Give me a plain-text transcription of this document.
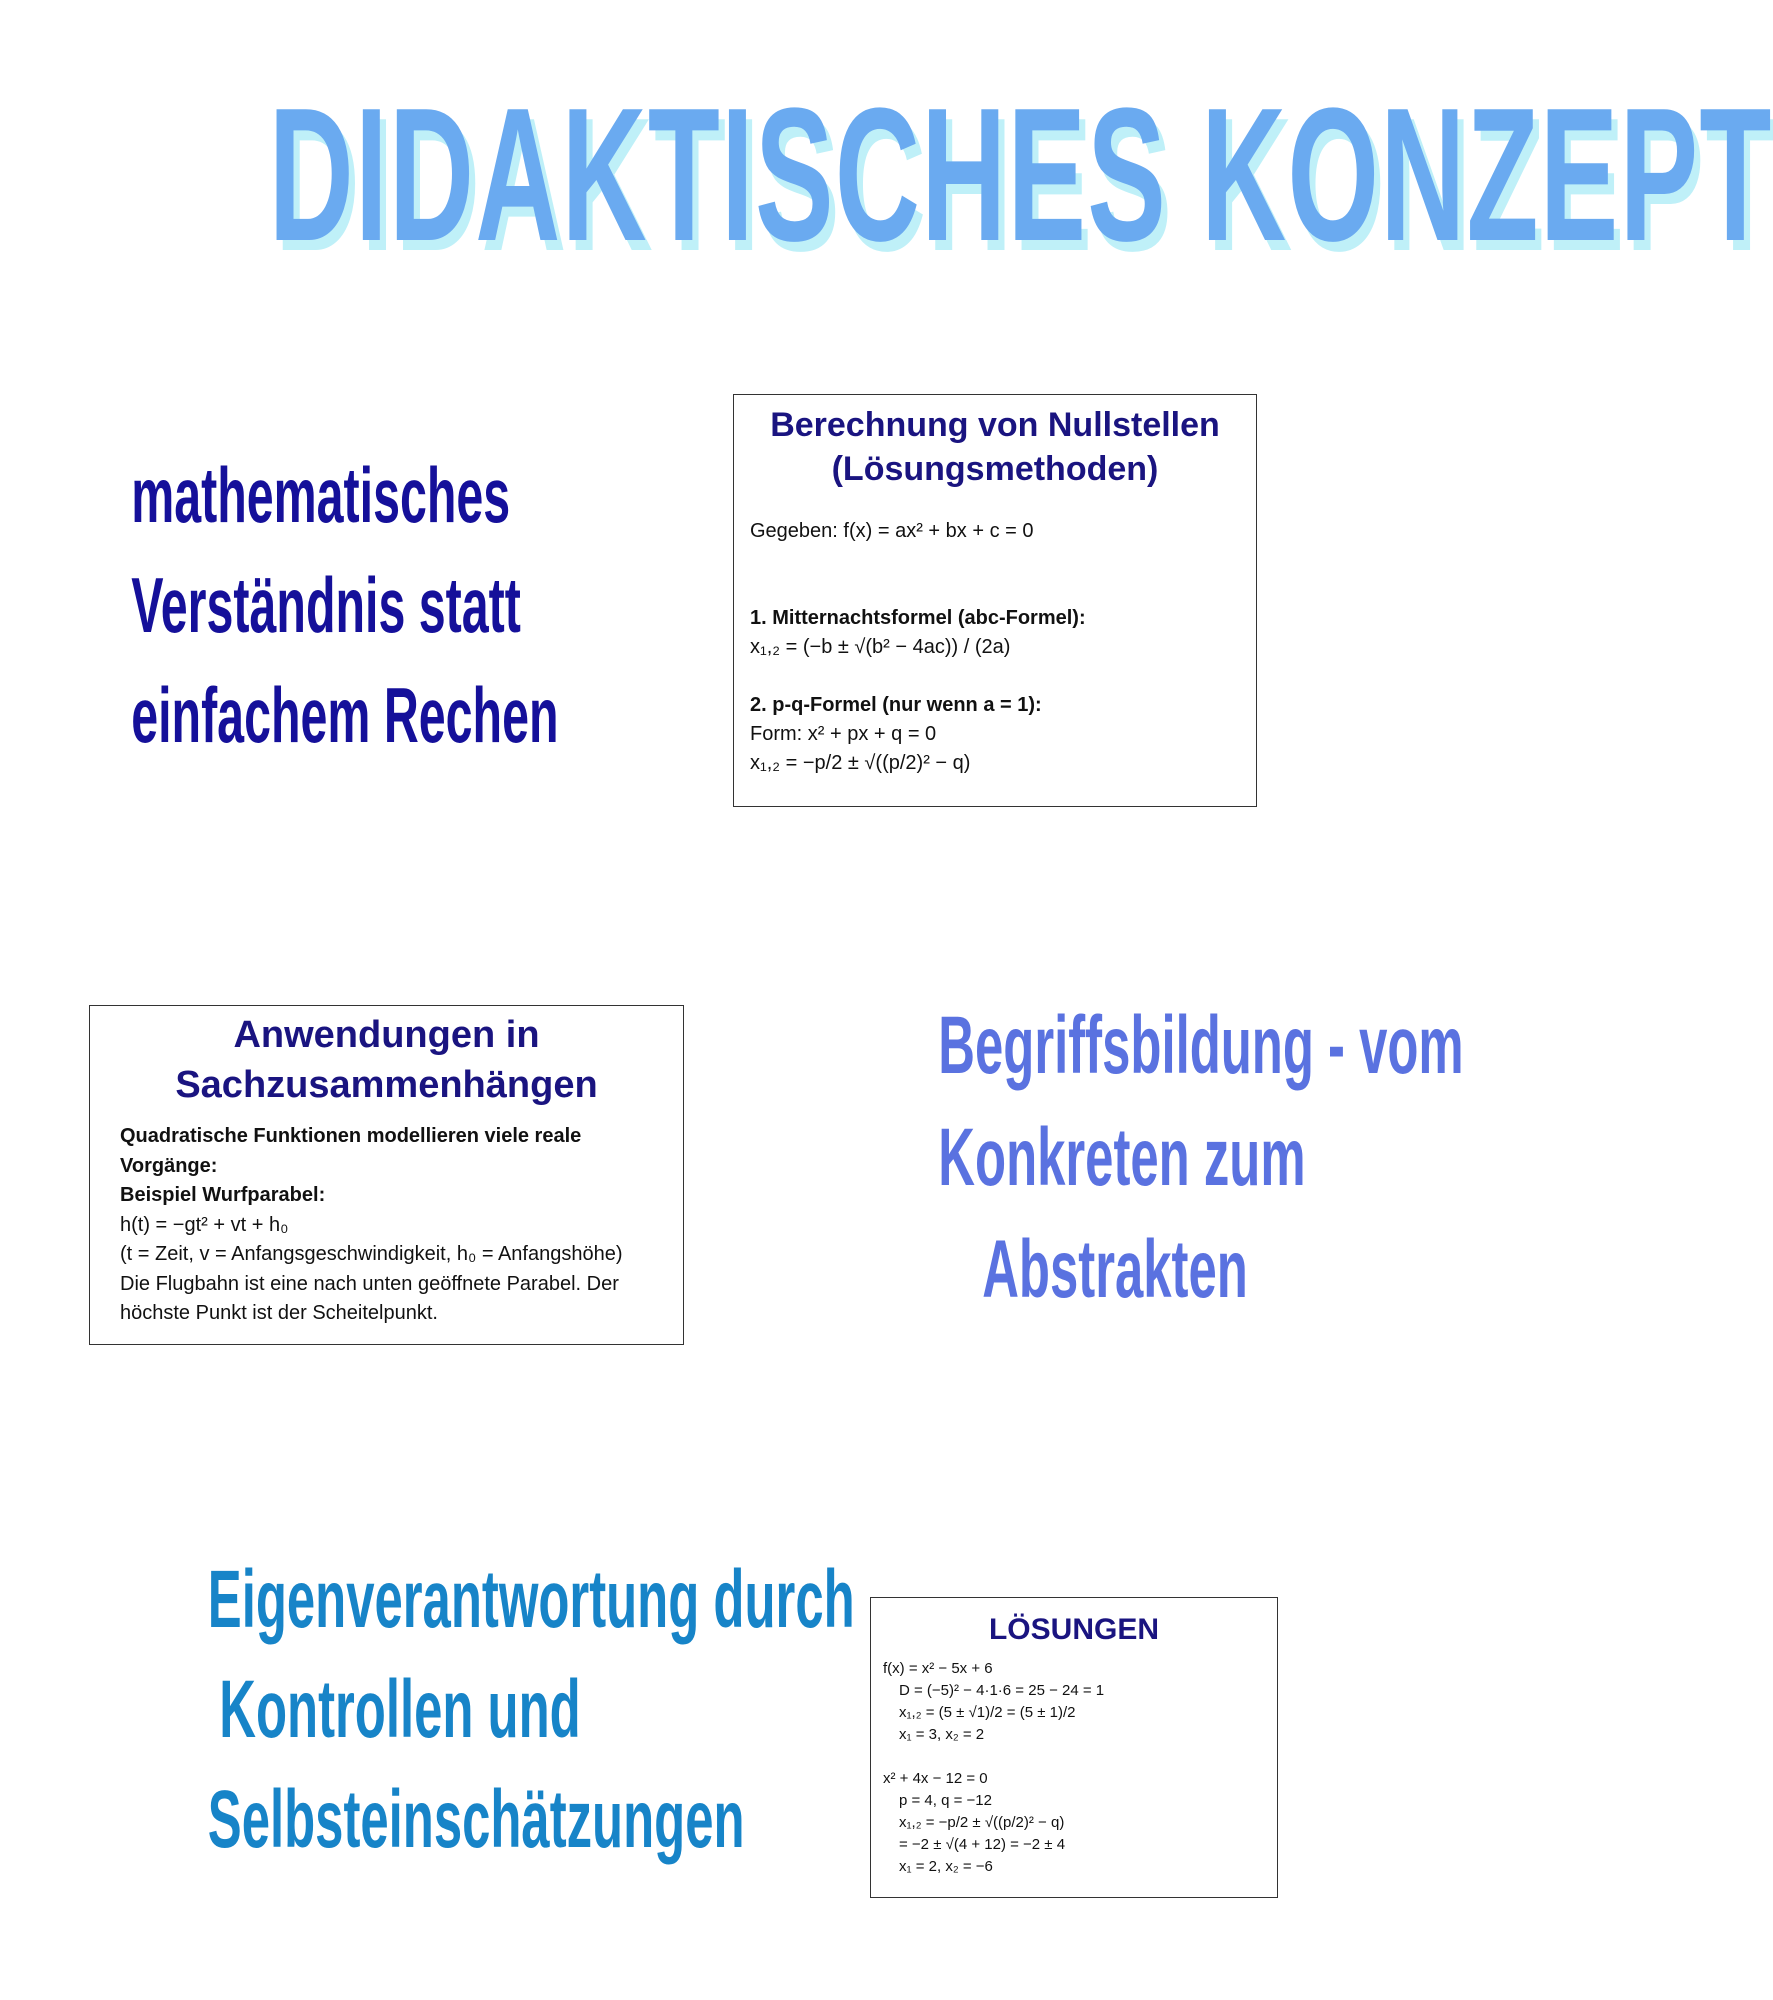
DIDAKTISCHES KONZEPT
mathematisches
Verständnis statt
einfachem Rechen
Berechnung von Nullstellen
(Lösungsmethoden)

Gegeben: f(x) = ax² + bx + c = 0

1. Mitternachtsformel (abc-Formel):

x₁,₂ = (−b ± √(b² − 4ac)) / (2a)

2. p-q-Formel (nur wenn a = 1):

Form: x² + px + q = 0

x₁,₂ = −p/2 ± √((p/2)² − q)

Anwendungen in
Sachzusammenhängen

Quadratische Funktionen modellieren viele reale Vorgänge:

Beispiel Wurfparabel:

h(t) = −gt² + vt + h₀

(t = Zeit, v = Anfangsgeschwindigkeit, h₀ = Anfangshöhe)

Die Flugbahn ist eine nach unten geöffnete Parabel. Der höchste Punkt ist der Scheitelpunkt.

Begriffsbildung - vom
Konkreten zum
Abstrakten
Eigenverantwortung durch
Kontrollen und
Selbsteinschätzungen
LÖSUNGEN

f(x) = x² − 5x + 6

D = (−5)² − 4·1·6 = 25 − 24 = 1

x₁,₂ = (5 ± √1)/2 = (5 ± 1)/2

x₁ = 3, x₂ = 2

x² + 4x − 12 = 0

p = 4, q = −12

x₁,₂ = −p/2 ± √((p/2)² − q)

= −2 ± √(4 + 12) = −2 ± 4

x₁ = 2, x₂ = −6
